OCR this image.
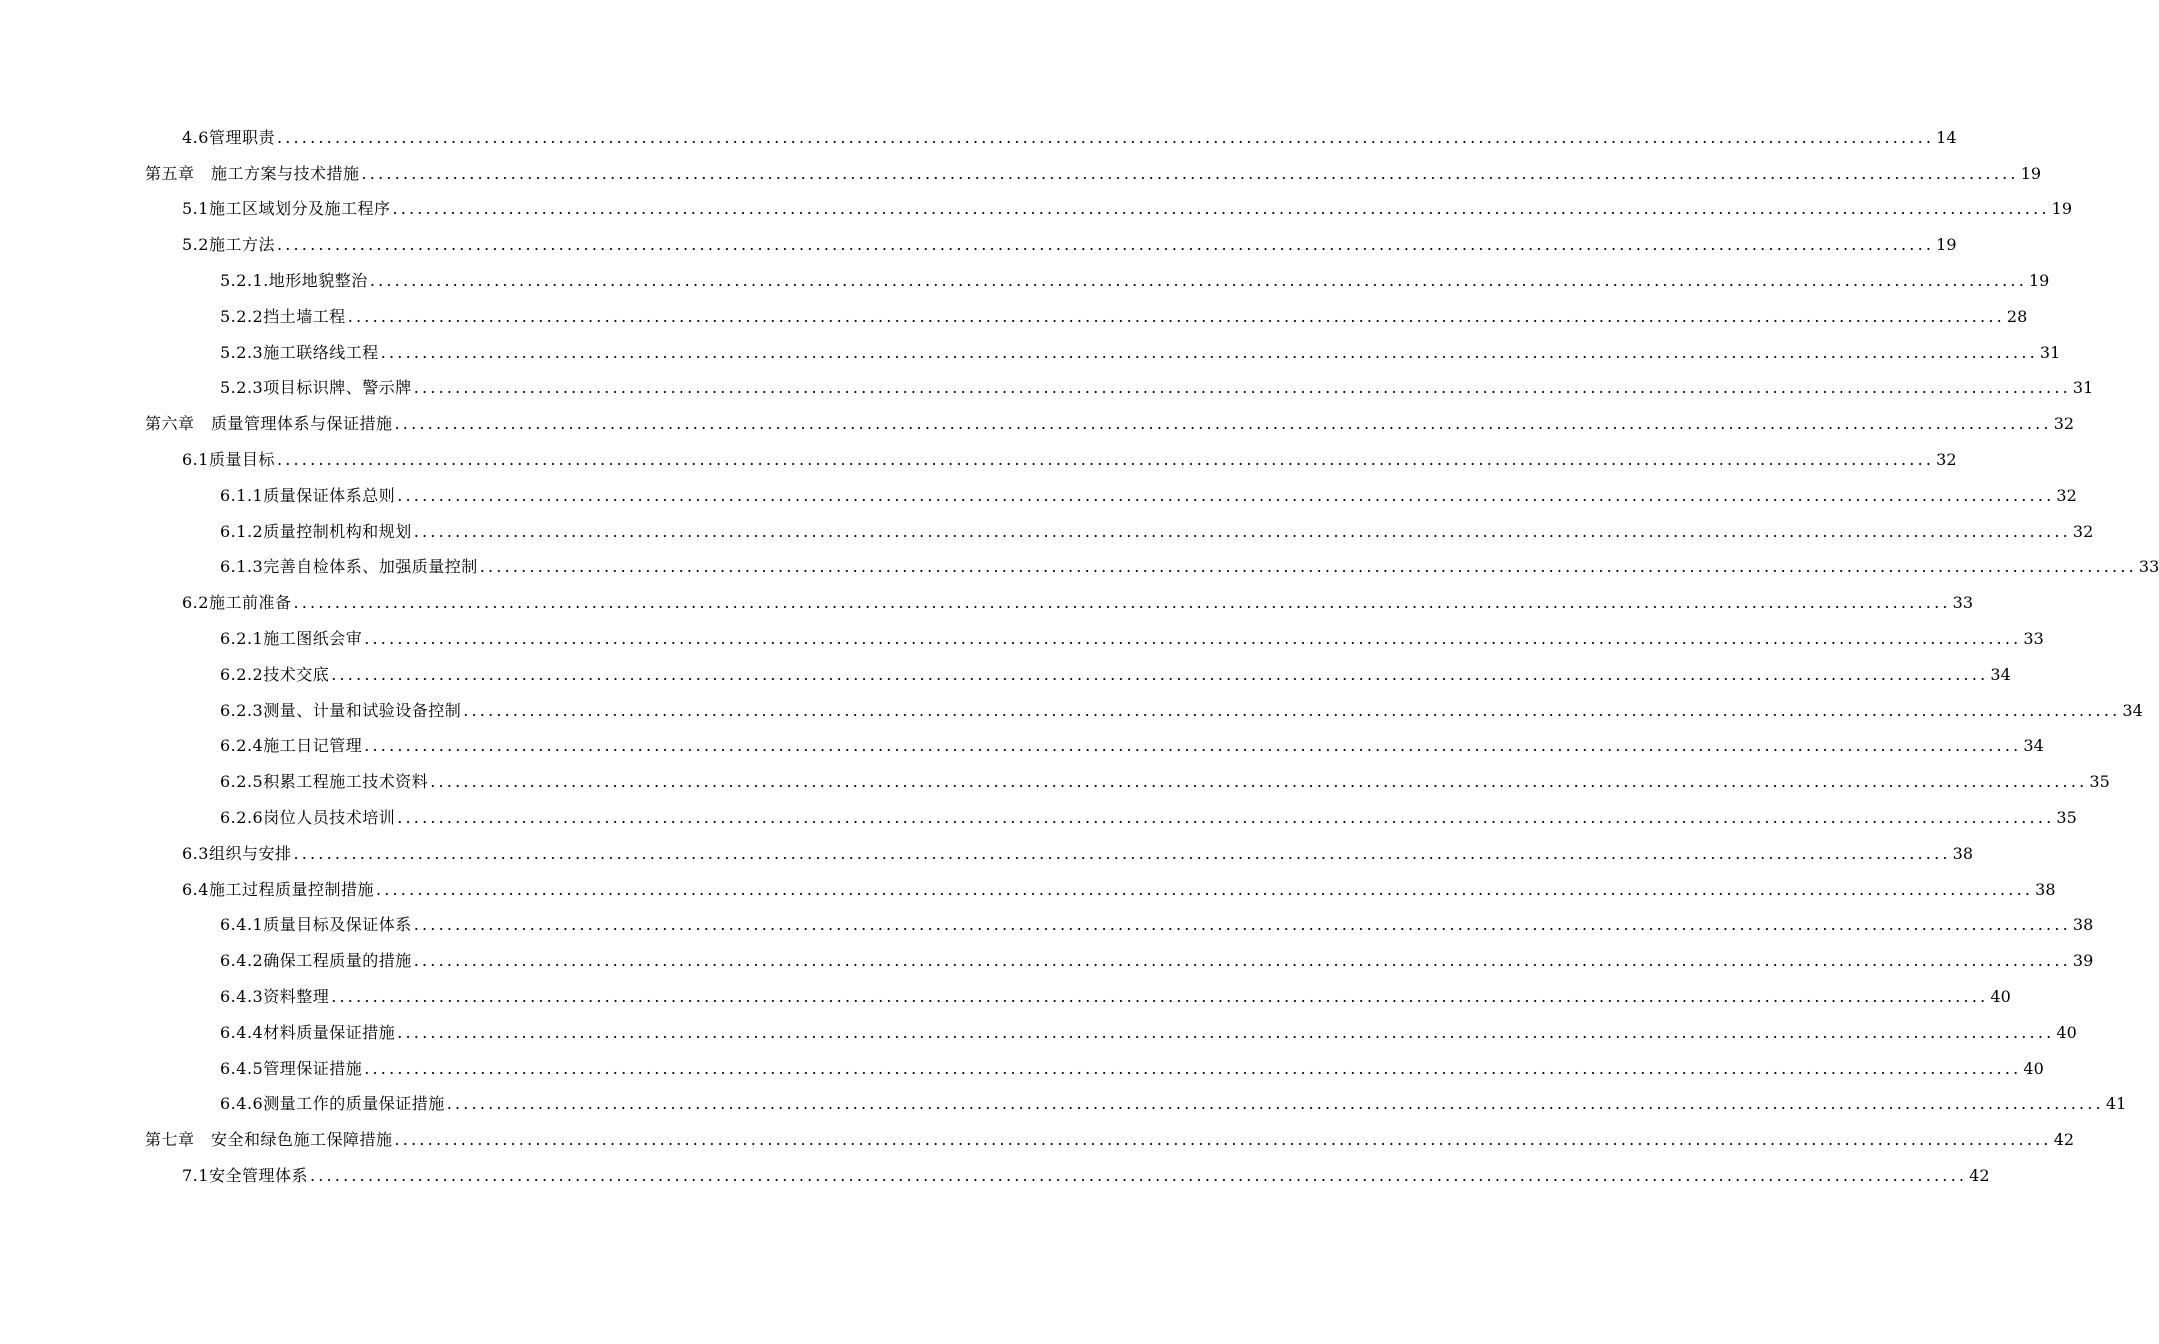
4.6管理职责 ........................................................................................................................................................................................................ 14
第五章　施工方案与技术措施 ........................................................................................................................................................................................................ 19
5.1施工区域划分及施工程序 ........................................................................................................................................................................................................ 19
5.2施工方法 ........................................................................................................................................................................................................ 19
5.2.1.地形地貌整治 ........................................................................................................................................................................................................ 19
5.2.2挡土墙工程 ........................................................................................................................................................................................................ 28
5.2.3施工联络线工程 ........................................................................................................................................................................................................ 31
5.2.3项目标识牌、警示牌 ........................................................................................................................................................................................................ 31
第六章　质量管理体系与保证措施 ........................................................................................................................................................................................................ 32
6.1质量目标 ........................................................................................................................................................................................................ 32
6.1.1质量保证体系总则 ........................................................................................................................................................................................................ 32
6.1.2质量控制机构和规划 ........................................................................................................................................................................................................ 32
6.1.3完善自检体系、加强质量控制 ........................................................................................................................................................................................................ 33
6.2施工前准备 ........................................................................................................................................................................................................ 33
6.2.1施工图纸会审 ........................................................................................................................................................................................................ 33
6.2.2技术交底 ........................................................................................................................................................................................................ 34
6.2.3测量、计量和试验设备控制 ........................................................................................................................................................................................................ 34
6.2.4施工日记管理 ........................................................................................................................................................................................................ 34
6.2.5积累工程施工技术资料 ........................................................................................................................................................................................................ 35
6.2.6岗位人员技术培训 ........................................................................................................................................................................................................ 35
6.3组织与安排 ........................................................................................................................................................................................................ 38
6.4施工过程质量控制措施 ........................................................................................................................................................................................................ 38
6.4.1质量目标及保证体系 ........................................................................................................................................................................................................ 38
6.4.2确保工程质量的措施 ........................................................................................................................................................................................................ 39
6.4.3资料整理 ........................................................................................................................................................................................................ 40
6.4.4材料质量保证措施 ........................................................................................................................................................................................................ 40
6.4.5管理保证措施 ........................................................................................................................................................................................................ 40
6.4.6测量工作的质量保证措施 ........................................................................................................................................................................................................ 41
第七章　安全和绿色施工保障措施 ........................................................................................................................................................................................................ 42
7.1安全管理体系 ........................................................................................................................................................................................................ 42
